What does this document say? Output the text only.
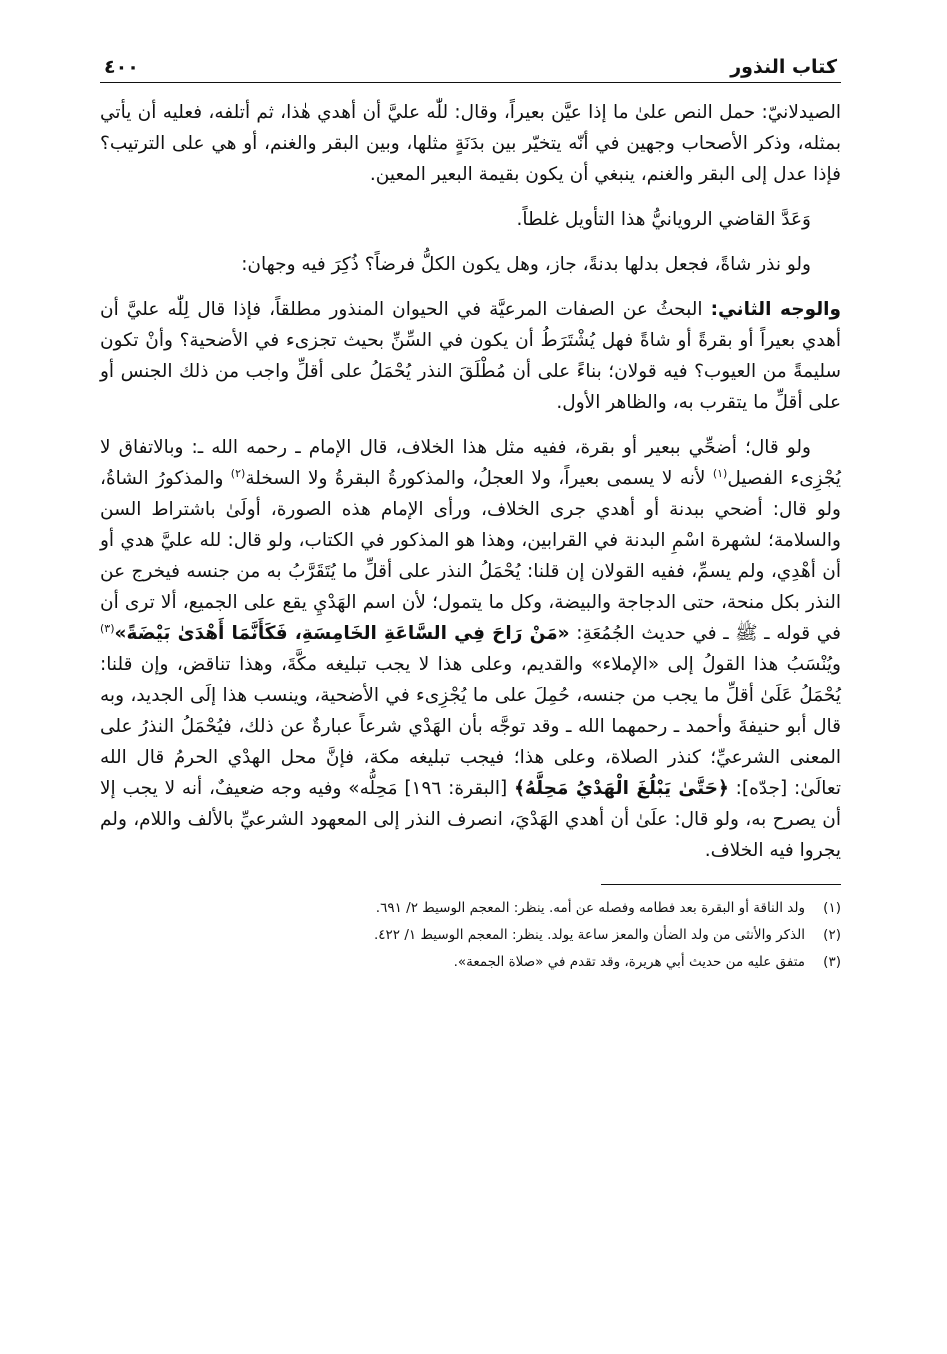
كتاب النذور
٤٠٠

الصيدلانيّ: حمل النص علىٰ ما إذا عيَّن بعيراً، وقال: للّٰه عليَّ أن أهدي هٰذا، ثم أتلفه، فعليه أن يأتي بمثله، وذكر الأصحاب وجهين في أنّه يتخيّر بين بدَنَةٍ مثلها، وبين البقر والغنم، أو هي على الترتيب؟ فإذا عدل إلى البقر والغنم، ينبغي أن يكون بقيمة البعير المعين.

وَعَدَّ القاضي الرويانيُّ هذا التأويل غلطاً.

ولو نذر شاةً، فجعل بدلها بدنةً، جاز، وهل يكون الكلُّ فرضاً؟ ذُكِرَ فيه وجهان:

والوجه الثاني: البحثُ عن الصفات المرعيَّة في الحيوان المنذور مطلقاً، فإذا قال لِلّٰه عليَّ أن أهدي بعيراً أو بقرةً أو شاةً فهل يُشْتَرَطُ أن يكون في السِّنِّ بحيث تجزىء في الأضحية؟ وأنْ تكون سليمةً من العيوب؟ فيه قولان؛ بناءً على أن مُطْلَقَ النذر يُحْمَلُ على أقلِّ واجب من ذلك الجنس أو على أقلِّ ما يتقرب به، والظاهر الأول.

ولو قال؛ أضحِّي ببعير أو بقرة، ففيه مثل هذا الخلاف، قال الإمام ـ رحمه الله ـ: وبالاتفاق لا يُجْزِىء الفصيل$^{(١)}$ لأنه لا يسمى بعيراً، ولا العجلُ، والمذكورةُ البقرةُ ولا السخلة$^{(٢)}$ والمذكورُ الشاةُ، ولو قال: أضحي ببدنة أو أهدي جرى الخلاف، ورأى الإمام هذه الصورة، أولَىٰ باشتراط السن والسلامة؛ لشهرة اسْمِ البدنة في القرابين، وهذا هو المذكور في الكتاب، ولو قال: لله عليَّ هدي أو أن أهْدِي، ولم يسمِّ، ففيه القولان إن قلنا: يُحْمَلُ النذر على أقلِّ ما يُتَقَرَّبُ به من جنسه فيخرج عن النذر بكل منحة، حتى الدجاجة والبيضة، وكل ما يتمول؛ لأن اسم الهَدْيِ يقع على الجميع، ألا ترى أن في قوله ـ ﷺ ـ في حديث الجُمُعَةِ: «مَنْ رَاحَ فِي السَّاعَةِ الخَامِسَةِ، فَكَأَنَّمَا أَهْدَىٰ بَيْضَةً»$^{(٣)}$ ويُنْسَبُ هذا القولُ إلى «الإملاء» والقديم، وعلى هذا لا يجب تبليغه مكَّةَ، وهذا تناقض، وإن قلنا: يُحْمَلُ عَلَىٰ أقلِّ ما يجب من جنسه، حُمِلَ على ما يُجْزِىء في الأضحية، وينسب هذا إلَى الجديد، وبه قال أبو حنيفةَ وأحمد ـ رحمهما الله ـ وقد توجَّه بأن الهَدْي شرعاً عبارةٌ عن ذلك، فيُحْمَلُ النذرُ على المعنى الشرعيِّ؛ كنذر الصلاة، وعلى هذا؛ فيجب تبليغه مكة، فإنَّ محل الهدْي الحرمُ قال الله تعالَىٰ: [جدّه]: ﴿حَتَّىٰ يَبْلُغَ الْهَدْيُ مَحِلَّهُ﴾ [البقرة: ١٩٦] مَحِلُّه» وفيه وجه ضعيفٌ، أنه لا يجب إلا أن يصرح به، ولو قال: علَىٰ أن أهدي الهَدْيَ، انصرف النذر إلى المعهود الشرعيِّ بالألف واللام، ولم يجروا فيه الخلاف.

(١)
ولد الناقة أو البقرة بعد فطامه وفصله عن أمه. ينظر: المعجم الوسيط ٢/ ٦٩١.
(٢)
الذكر والأنثى من ولد الضأن والمعز ساعة يولد. ينظر: المعجم الوسيط ١/ ٤٢٢.
(٣)
متفق عليه من حديث أبي هريرة، وقد تقدم في «صلاة الجمعة».
